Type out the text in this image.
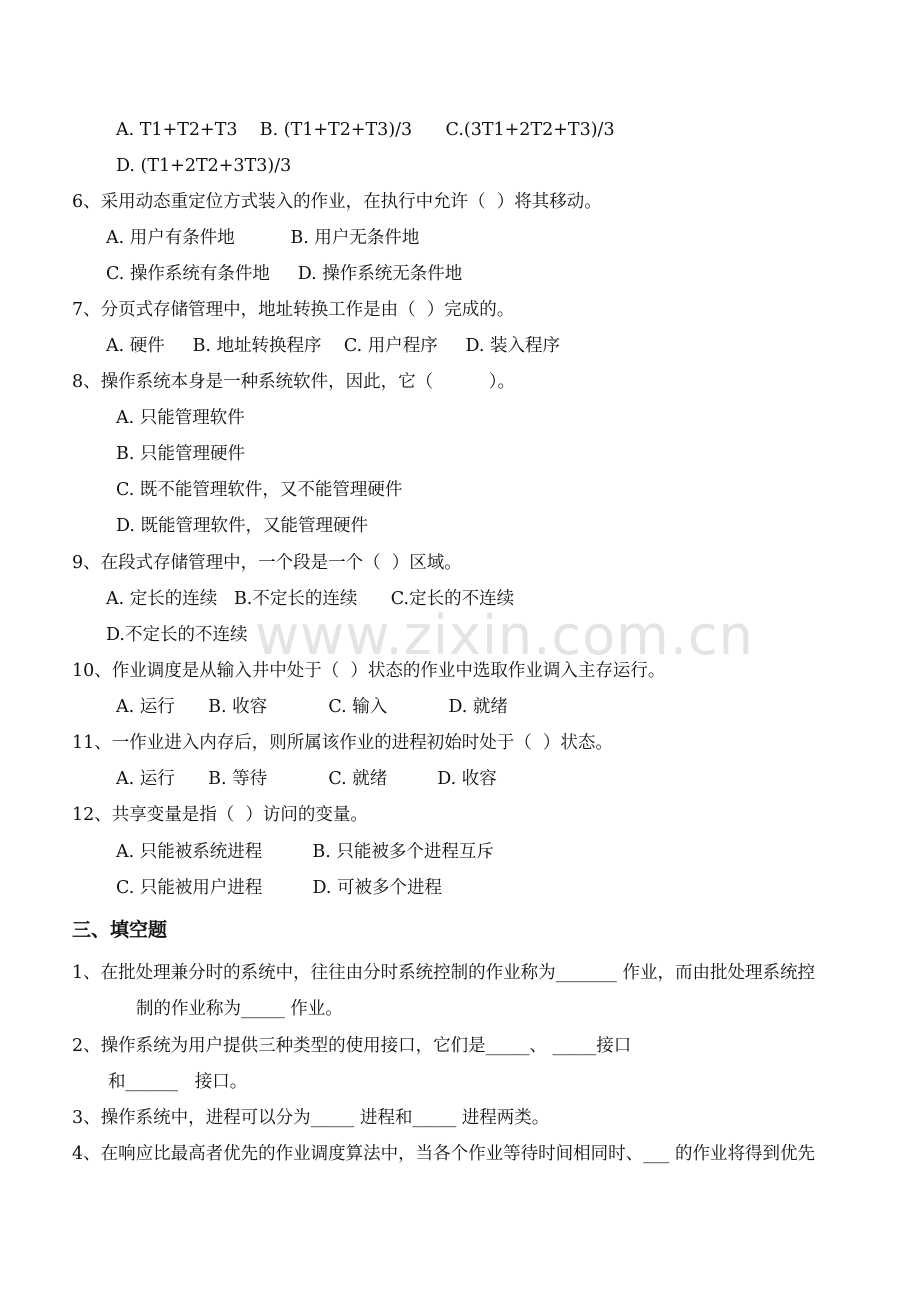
www.zixin.com.cn
A. T1+T2+T3    B. (T1+T2+T3)/3      C.(3T1+2T2+T3)/3
D. (T1+2T2+3T3)/3
6、采用动态重定位方式装入的作业，在执行中允许（  ）将其移动。
A. 用户有条件地          B. 用户无条件地
C. 操作系统有条件地     D. 操作系统无条件地
7、分页式存储管理中，地址转换工作是由（  ）完成的。
A. 硬件     B. 地址转换程序    C. 用户程序     D. 装入程序
8、操作系统本身是一种系统软件，因此，它（          ）。
A. 只能管理软件
B. 只能管理硬件
C. 既不能管理软件，又不能管理硬件
D. 既能管理软件，又能管理硬件
9、在段式存储管理中，一个段是一个（  ）区域。
A. 定长的连续   B.不定长的连续      C.定长的不连续
D.不定长的不连续
10、作业调度是从输入井中处于（  ）状态的作业中选取作业调入主存运行。
A. 运行      B. 收容           C. 输入           D. 就绪
11、一作业进入内存后，则所属该作业的进程初始时处于（  ）状态。
A. 运行      B. 等待           C. 就绪         D. 收容
12、共享变量是指（  ）访问的变量。
A. 只能被系统进程         B. 只能被多个进程互斥
C. 只能被用户进程         D. 可被多个进程
三、填空题
1、在批处理兼分时的系统中，往往由分时系统控制的作业称为_______ 作业，而由批处理系统控
制的作业称为_____ 作业。
2、操作系统为用户提供三种类型的使用接口，它们是_____、 _____接口
和______   接口。
3、操作系统中，进程可以分为_____ 进程和_____ 进程两类。
4、在响应比最高者优先的作业调度算法中，当各个作业等待时间相同时、___ 的作业将得到优先
